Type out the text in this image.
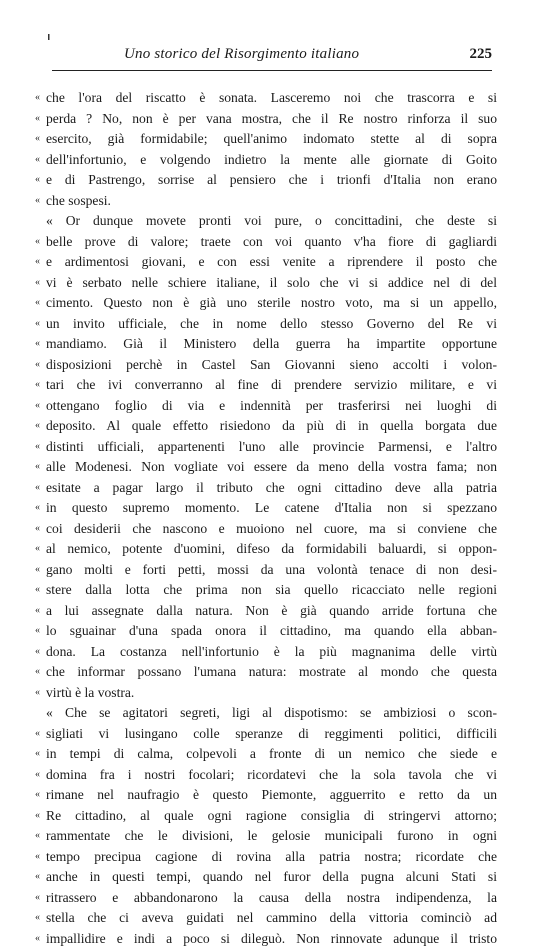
Uno storico del Risorgimento italiano	225
« che l'ora del riscatto è sonata. Lasceremo noi che trascorra e si
« perda ? No, non è per vana mostra, che il Re nostro rinforza il suo
« esercito, già formidabile; quell'animo indomato stette al di sopra
« dell'infortunio, e volgendo indietro la mente alle giornate di Goito
« e di Pastrengo, sorrise al pensiero che i trionfi d'Italia non erano
« che sospesi.
« Or dunque movete pronti voi pure, o concittadini, che deste si
« belle prove di valore; traete con voi quanto v'ha fiore di gagliardi
« e ardimentosi giovani, e con essi venite a riprendere il posto che
« vi è serbato nelle schiere italiane, il solo che vi si addice nel di del
« cimento. Questo non è già uno sterile nostro voto, ma si un appello,
« un invito ufficiale, che in nome dello stesso Governo del Re vi
« mandiamo. Già il Ministero della guerra ha impartite opportune
« disposizioni perchè in Castel San Giovanni sieno accolti i volon-
« tari che ivi converranno al fine di prendere servizio militare, e vi
« ottengano foglio di via e indennità per trasferirsi nei luoghi di
« deposito. Al quale effetto risiedono da più di in quella borgata due
« distinti ufficiali, appartenenti l'uno alle provincie Parmensi, e l'altro
« alle Modenesi. Non vogliate voi essere da meno della vostra fama; non
« esitate a pagar largo il tributo che ogni cittadino deve alla patria
« in questo supremo momento. Le catene d'Italia non si spezzano
« coi desiderii che nascono e muoiono nel cuore, ma si conviene che
« al nemico, potente d'uomini, difeso da formidabili baluardi, si oppon-
« gano molti e forti petti, mossi da una volontà tenace di non desi-
« stere dalla lotta che prima non sia quello ricacciato nelle regioni
« a lui assegnate dalla natura. Non è già quando arride fortuna che
« lo sguainar d'una spada onora il cittadino, ma quando ella abban-
« dona. La costanza nell'infortunio è la più magnanima delle virtù
« che informar possano l'umana natura: mostrate al mondo che questa
« virtù è la vostra.
« Che se agitatori segreti, ligi al dispotismo: se ambiziosi o scon-
« sigliati vi lusingano colle speranze di reggimenti politici, difficili
« in tempi di calma, colpevoli a fronte di un nemico che siede e
« domina fra i nostri focolari; ricordatevi che la sola tavola che vi
« rimane nel naufragio è questo Piemonte, agguerrito e retto da un
« Re cittadino, al quale ogni ragione consiglia di stringervi attorno;
« rammentate che le divisioni, le gelosie municipali furono in ogni
« tempo precipua cagione di rovina alla patria nostra; ricordate che
« anche in questi tempi, quando nel furor della pugna alcuni Stati si
« ritrassero e abbandonarono la causa della nostra indipendenza, la
« stella che ci aveva guidati nel cammino della vittoria cominciò ad
« impallidire e indi a poco si dileguò. Non rinnovate adunque il tristo
